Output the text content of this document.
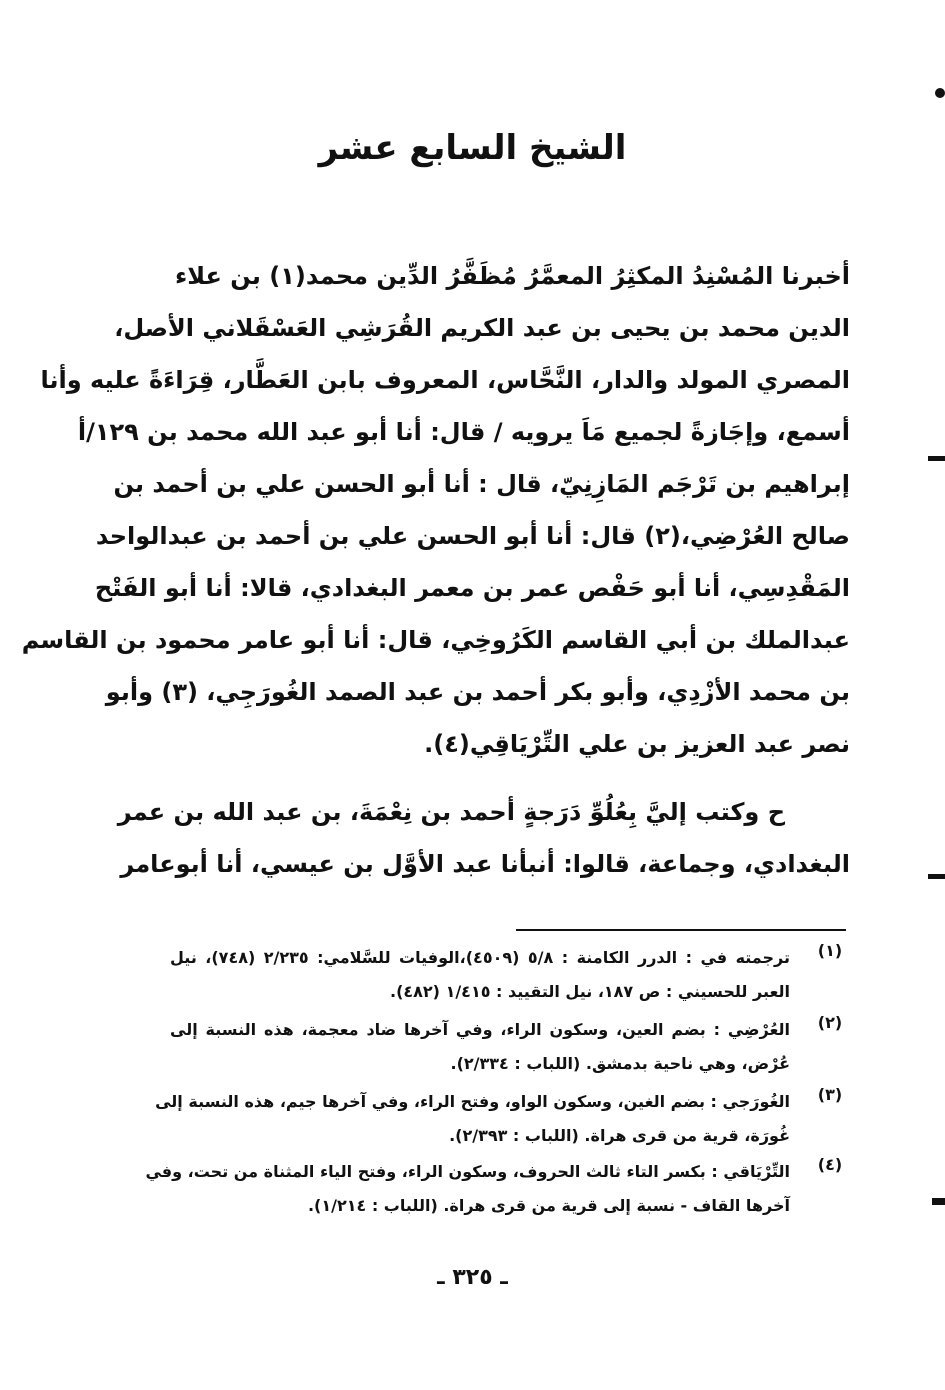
الشيخ السابع عشر
أخبرنا المُسْنِدُ المكثِرُ المعمَّرُ مُظَفَّرُ الدِّين محمد(١) بن علاء
الدين محمد بن يحيى بن عبد الكريم القُرَشِي العَسْقَلاني الأصل،
المصري المولد والدار، النَّحَّاس، المعروف بابن العَطَّار، قِرَاءَةً عليه وأنا
أسمع، وإجَازةً لجميع مَاَ يرويه / قال: أنا أبو عبد الله محمد بن ١٢٩/أ
إبراهيم بن تَرْجَم المَازِنِيّ، قال : أنا أبو الحسن علي بن أحمد بن
صالح العُرْضِي،(٢) قال: أنا أبو الحسن علي بن أحمد بن عبدالواحد
المَقْدِسِي، أنا أبو حَفْص عمر بن معمر البغدادي، قالا: أنا أبو الفَتْح
عبدالملك بن أبي القاسم الكَرُوخِي، قال: أنا أبو عامر محمود بن القاسم
بن محمد الأزْدِي، وأبو بكر أحمد بن عبد الصمد الغُورَجِي، (٣) وأبو
نصر عبد العزيز بن علي التِّرْيَاقِي(٤).
ح وكتب إليَّ بِعُلُوِّ دَرَجةٍ أحمد بن نِعْمَةَ، بن عبد الله بن عمر
البغدادي، وجماعة، قالوا: أنبأنا عبد الأوَّل بن عيسي، أنا أبوعامر
(١)
ترجمته في : الدرر الكامنة : ٥/٨ (٤٥٠٩)،الوفيات للسَّلامي: ٢/٢٣٥ (٧٤٨)، نيل
العبر للحسيني : ص ١٨٧، نيل التقييد : ١/٤١٥ (٤٨٢).
(٢)
العُرْضِي : بضم العين، وسكون الراء، وفي آخرها ضاد معجمة، هذه النسبة إلى
عُرْض، وهي ناحية بدمشق. (اللباب : ٢/٣٣٤).
(٣)
الغُورَجي : بضم الغين، وسكون الواو، وفتح الراء، وفي آخرها جيم، هذه النسبة إلى
غُورَة، قرية من قرى هراة. (اللباب : ٢/٣٩٣).
(٤)
التِّرْيَاقي : بكسر التاء ثالث الحروف، وسكون الراء، وفتح الياء المثناة من تحت، وفي
آخرها القاف - نسبة إلى قرية من قرى هراة. (اللباب : ١/٢١٤).
ـ ٣٢٥ ـ
